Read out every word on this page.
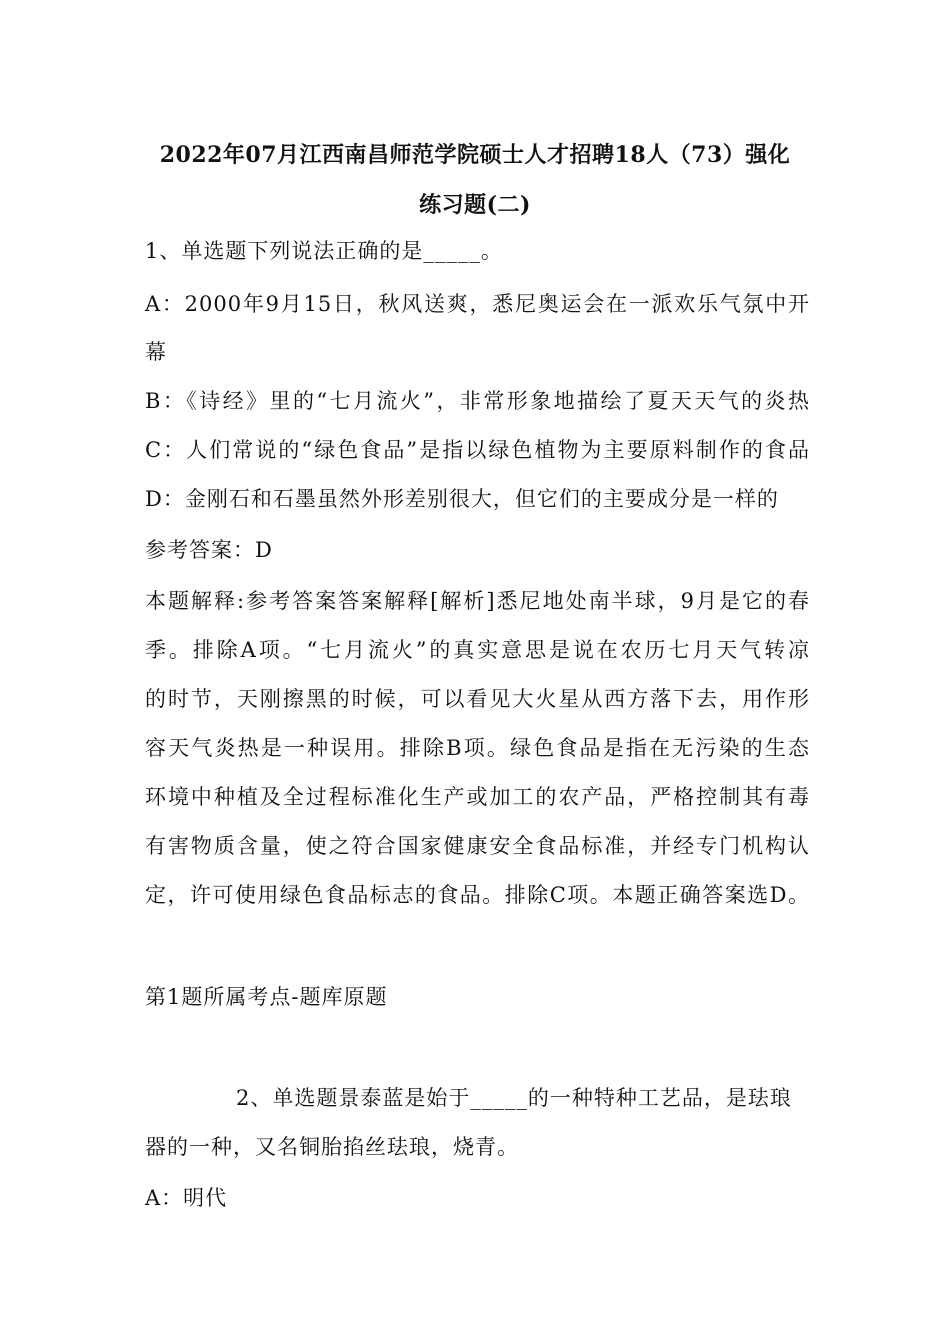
2022年07月江西南昌师范学院硕士人才招聘18人（73）强化
练习题(二)
1、单选题下列说法正确的是_____。
A：2000年9月15日，秋风送爽，悉尼奥运会在一派欢乐气氛中开
幕
B：《诗经》里的“七月流火”，非常形象地描绘了夏天天气的炎热
C：人们常说的“绿色食品”是指以绿色植物为主要原料制作的食品
D：金刚石和石墨虽然外形差别很大，但它们的主要成分是一样的
参考答案：D
本题解释:参考答案答案解释[解析]悉尼地处南半球，9月是它的春
季。排除A项。“七月流火”的真实意思是说在农历七月天气转凉
的时节，天刚擦黑的时候，可以看见大火星从西方落下去，用作形
容天气炎热是一种误用。排除B项。绿色食品是指在无污染的生态
环境中种植及全过程标准化生产或加工的农产品，严格控制其有毒
有害物质含量，使之符合国家健康安全食品标准，并经专门机构认
定，许可使用绿色食品标志的食品。排除C项。本题正确答案选D。
第1题所属考点-题库原题
2、单选题景泰蓝是始于_____的一种特种工艺品，是珐琅
器的一种，又名铜胎掐丝珐琅，烧青。
A：明代
